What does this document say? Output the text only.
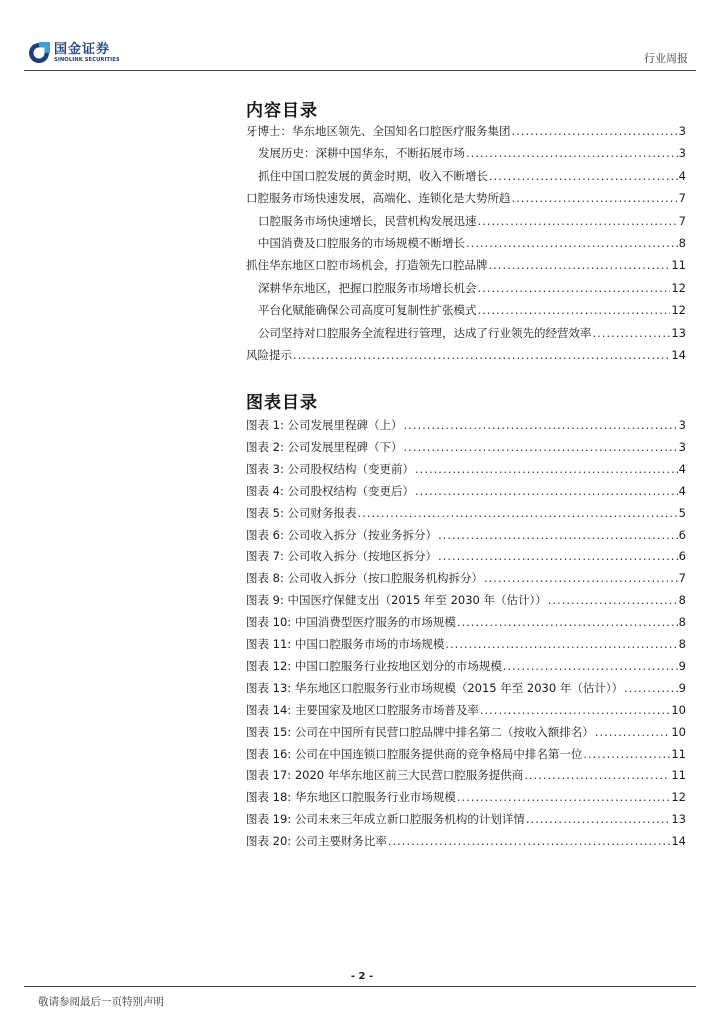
国金证券
SINOLINK SECURITIES	行业周报
内容目录
牙博士：华东地区领先、全国知名口腔医疗服务集团 .....	3
发展历史：深耕中国华东，不断拓展市场 .....	3
抓住中国口腔发展的黄金时期，收入不断增长 .....	4
口腔服务市场快速发展，高端化、连锁化是大势所趋 .....	7
口腔服务市场快速增长，民营机构发展迅速 .....	7
中国消费及口腔服务的市场规模不断增长 .....	8
抓住华东地区口腔市场机会，打造领先口腔品牌 .....	11
深耕华东地区，把握口腔服务市场增长机会 .....	12
平台化赋能确保公司高度可复制性扩张模式 .....	12
公司坚持对口腔服务全流程进行管理，达成了行业领先的经营效率 .....	13
风险提示 .....	14
图表目录
图表 1: 公司发展里程碑（上） .....	3
图表 2: 公司发展里程碑（下） .....	3
图表 3: 公司股权结构（变更前） .....	4
图表 4: 公司股权结构（变更后） .....	4
图表 5: 公司财务报表 .....	5
图表 6: 公司收入拆分（按业务拆分） .....	6
图表 7: 公司收入拆分（按地区拆分） .....	6
图表 8: 公司收入拆分（按口腔服务机构拆分） .....	7
图表 9: 中国医疗保健支出（2015 年至 2030 年（估计）） .....	8
图表 10: 中国消费型医疗服务的市场规模 .....	8
图表 11: 中国口腔服务市场的市场规模 .....	8
图表 12: 中国口腔服务行业按地区划分的市场规模 .....	9
图表 13: 华东地区口腔服务行业市场规模（2015 年至 2030 年（估计）） .....	9
图表 14: 主要国家及地区口腔服务市场普及率 .....	10
图表 15: 公司在中国所有民营口腔品牌中排名第二（按收入额排名） .....	10
图表 16: 公司在中国连锁口腔服务提供商的竞争格局中排名第一位 .....	11
图表 17: 2020 年华东地区前三大民营口腔服务提供商 .....	11
图表 18: 华东地区口腔服务行业市场规模 .....	12
图表 19: 公司未来三年成立新口腔服务机构的计划详情 .....	13
图表 20: 公司主要财务比率 .....	14
- 2 -
敬请参阅最后一页特别声明
